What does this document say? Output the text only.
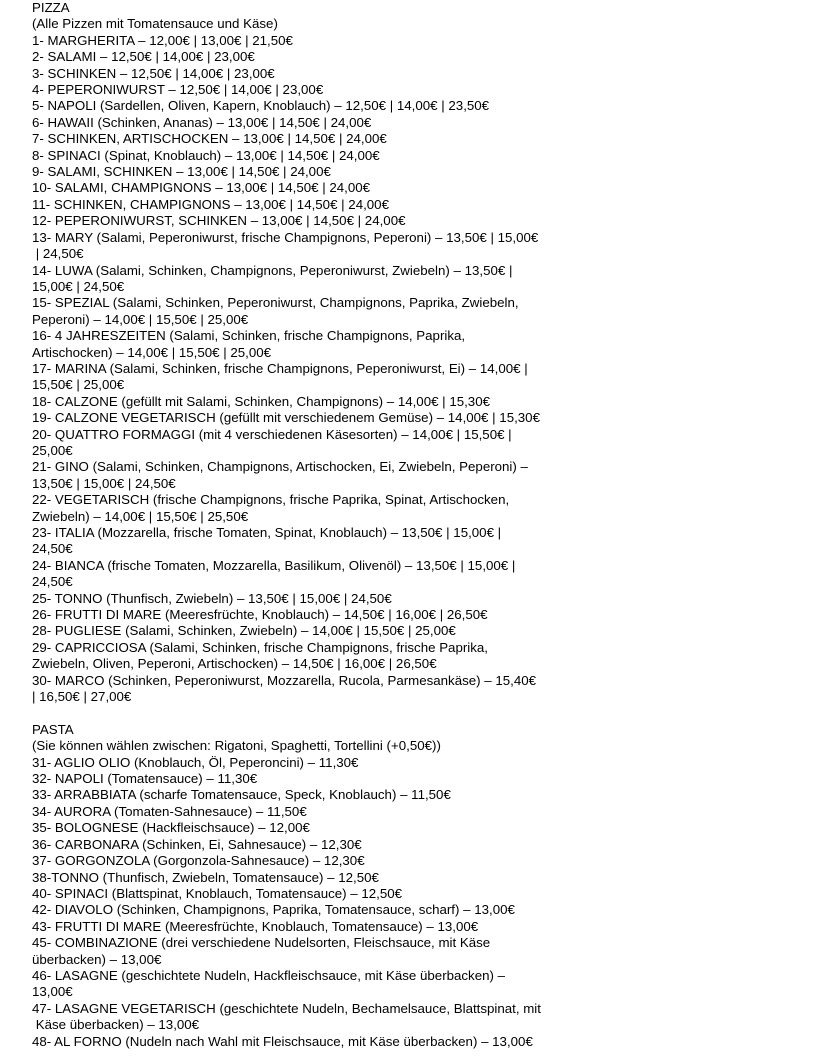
PIZZA
(Alle Pizzen mit Tomatensauce und Käse)
1- MARGHERITA – 12,00€ | 13,00€ | 21,50€
2- SALAMI – 12,50€ | 14,00€ | 23,00€
3- SCHINKEN – 12,50€ | 14,00€ | 23,00€
4- PEPERONIWURST – 12,50€ | 14,00€ | 23,00€
5- NAPOLI (Sardellen, Oliven, Kapern, Knoblauch) – 12,50€ | 14,00€ | 23,50€
6- HAWAII (Schinken, Ananas) – 13,00€ | 14,50€ | 24,00€
7- SCHINKEN, ARTISCHOCKEN – 13,00€ | 14,50€ | 24,00€
8- SPINACI (Spinat, Knoblauch) – 13,00€ | 14,50€ | 24,00€
9- SALAMI, SCHINKEN – 13,00€ | 14,50€ | 24,00€
10- SALAMI, CHAMPIGNONS – 13,00€ | 14,50€ | 24,00€
11- SCHINKEN, CHAMPIGNONS – 13,00€ | 14,50€ | 24,00€
12- PEPERONIWURST, SCHINKEN – 13,00€ | 14,50€ | 24,00€
13- MARY (Salami, Peperoniwurst, frische Champignons, Peperoni) – 13,50€ | 15,00€
| 24,50€
14- LUWA (Salami, Schinken, Champignons, Peperoniwurst, Zwiebeln) – 13,50€ |
15,00€ | 24,50€
15- SPEZIAL (Salami, Schinken, Peperoniwurst, Champignons, Paprika, Zwiebeln,
Peperoni) – 14,00€ | 15,50€ | 25,00€
16- 4 JAHRESZEITEN (Salami, Schinken, frische Champignons, Paprika,
Artischocken) – 14,00€ | 15,50€ | 25,00€
17- MARINA (Salami, Schinken, frische Champignons, Peperoniwurst, Ei) – 14,00€ |
15,50€ | 25,00€
18- CALZONE (gefüllt mit Salami, Schinken, Champignons) – 14,00€ | 15,30€
19- CALZONE VEGETARISCH (gefüllt mit verschiedenem Gemüse) – 14,00€ | 15,30€
20- QUATTRO FORMAGGI (mit 4 verschiedenen Käsesorten) – 14,00€ | 15,50€ |
25,00€
21- GINO (Salami, Schinken, Champignons, Artischocken, Ei, Zwiebeln, Peperoni) –
13,50€ | 15,00€ | 24,50€
22- VEGETARISCH (frische Champignons, frische Paprika, Spinat, Artischocken,
Zwiebeln) – 14,00€ | 15,50€ | 25,50€
23- ITALIA (Mozzarella, frische Tomaten, Spinat, Knoblauch) – 13,50€ | 15,00€ |
24,50€
24- BIANCA (frische Tomaten, Mozzarella, Basilikum, Olivenöl) – 13,50€ | 15,00€ |
24,50€
25- TONNO (Thunfisch, Zwiebeln) – 13,50€ | 15,00€ | 24,50€
26- FRUTTI DI MARE (Meeresfrüchte, Knoblauch) – 14,50€ | 16,00€ | 26,50€
28- PUGLIESE (Salami, Schinken, Zwiebeln) – 14,00€ | 15,50€ | 25,00€
29- CAPRICCIOSA (Salami, Schinken, frische Champignons, frische Paprika,
Zwiebeln, Oliven, Peperoni, Artischocken) – 14,50€ | 16,00€ | 26,50€
30- MARCO (Schinken, Peperoniwurst, Mozzarella, Rucola, Parmesankäse) – 15,40€
| 16,50€ | 27,00€
PASTA
(Sie können wählen zwischen: Rigatoni, Spaghetti, Tortellini (+0,50€))
31- AGLIO OLIO (Knoblauch, Öl, Peperoncini) – 11,30€
32- NAPOLI (Tomatensauce) – 11,30€
33- ARRABBIATA (scharfe Tomatensauce, Speck, Knoblauch) – 11,50€
34- AURORA (Tomaten-Sahnesauce) – 11,50€
35- BOLOGNESE (Hackfleischsauce) – 12,00€
36- CARBONARA (Schinken, Ei, Sahnesauce) – 12,30€
37- GORGONZOLA (Gorgonzola-Sahnesauce) – 12,30€
38-TONNO (Thunfisch, Zwiebeln, Tomatensauce) – 12,50€
40- SPINACI (Blattspinat, Knoblauch, Tomatensauce) – 12,50€
42- DIAVOLO (Schinken, Champignons, Paprika, Tomatensauce, scharf) – 13,00€
43- FRUTTI DI MARE (Meeresfrüchte, Knoblauch, Tomatensauce) – 13,00€
45- COMBINAZIONE (drei verschiedene Nudelsorten, Fleischsauce, mit Käse
überbacken) – 13,00€
46- LASAGNE (geschichtete Nudeln, Hackfleischsauce, mit Käse überbacken) –
13,00€
47- LASAGNE VEGETARISCH (geschichtete Nudeln, Bechamelsauce, Blattspinat, mit
Käse überbacken) – 13,00€
48- AL FORNO (Nudeln nach Wahl mit Fleischsauce, mit Käse überbacken) – 13,00€
